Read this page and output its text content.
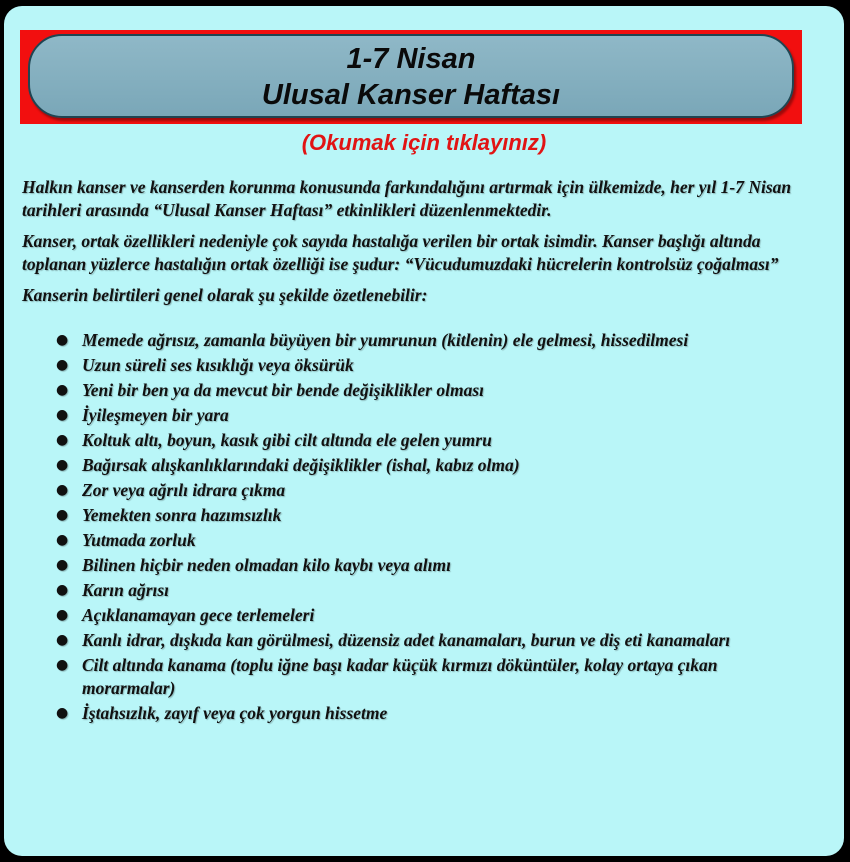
1-7 Nisan
Ulusal Kanser Haftası
(Okumak için tıklayınız)

Halkın kanser ve kanserden korunma konusunda farkındalığını artırmak için ülkemizde, her yıl 1-7 Nisan tarihleri arasında “Ulusal Kanser Haftası” etkinlikleri düzenlenmektedir.

Kanser, ortak özellikleri nedeniyle çok sayıda hastalığa verilen bir ortak isimdir. Kanser başlığı altında toplanan yüzlerce hastalığın ortak özelliği ise şudur: “Vücudumuzdaki hücrelerin kontrolsüz çoğalması”

Kanserin belirtileri genel olarak şu şekilde özetlenebilir:

● Memede ağrısız, zamanla büyüyen bir yumrunun (kitlenin) ele gelmesi, hissedilmesi
● Uzun süreli ses kısıklığı veya öksürük
● Yeni bir ben ya da mevcut bir bende değişiklikler olması
● İyileşmeyen bir yara
● Koltuk altı, boyun, kasık gibi cilt altında ele gelen yumru
● Bağırsak alışkanlıklarındaki değişiklikler (ishal, kabız olma)
● Zor veya ağrılı idrara çıkma
● Yemekten sonra hazımsızlık
● Yutmada zorluk
● Bilinen hiçbir neden olmadan kilo kaybı veya alımı
● Karın ağrısı
● Açıklanamayan gece terlemeleri
● Kanlı idrar, dışkıda kan görülmesi, düzensiz adet kanamaları, burun ve diş eti kanamaları
● Cilt altında kanama (toplu iğne başı kadar küçük kırmızı döküntüler, kolay ortaya çıkan morarmalar)
● İştahsızlık, zayıf veya çok yorgun hissetme
